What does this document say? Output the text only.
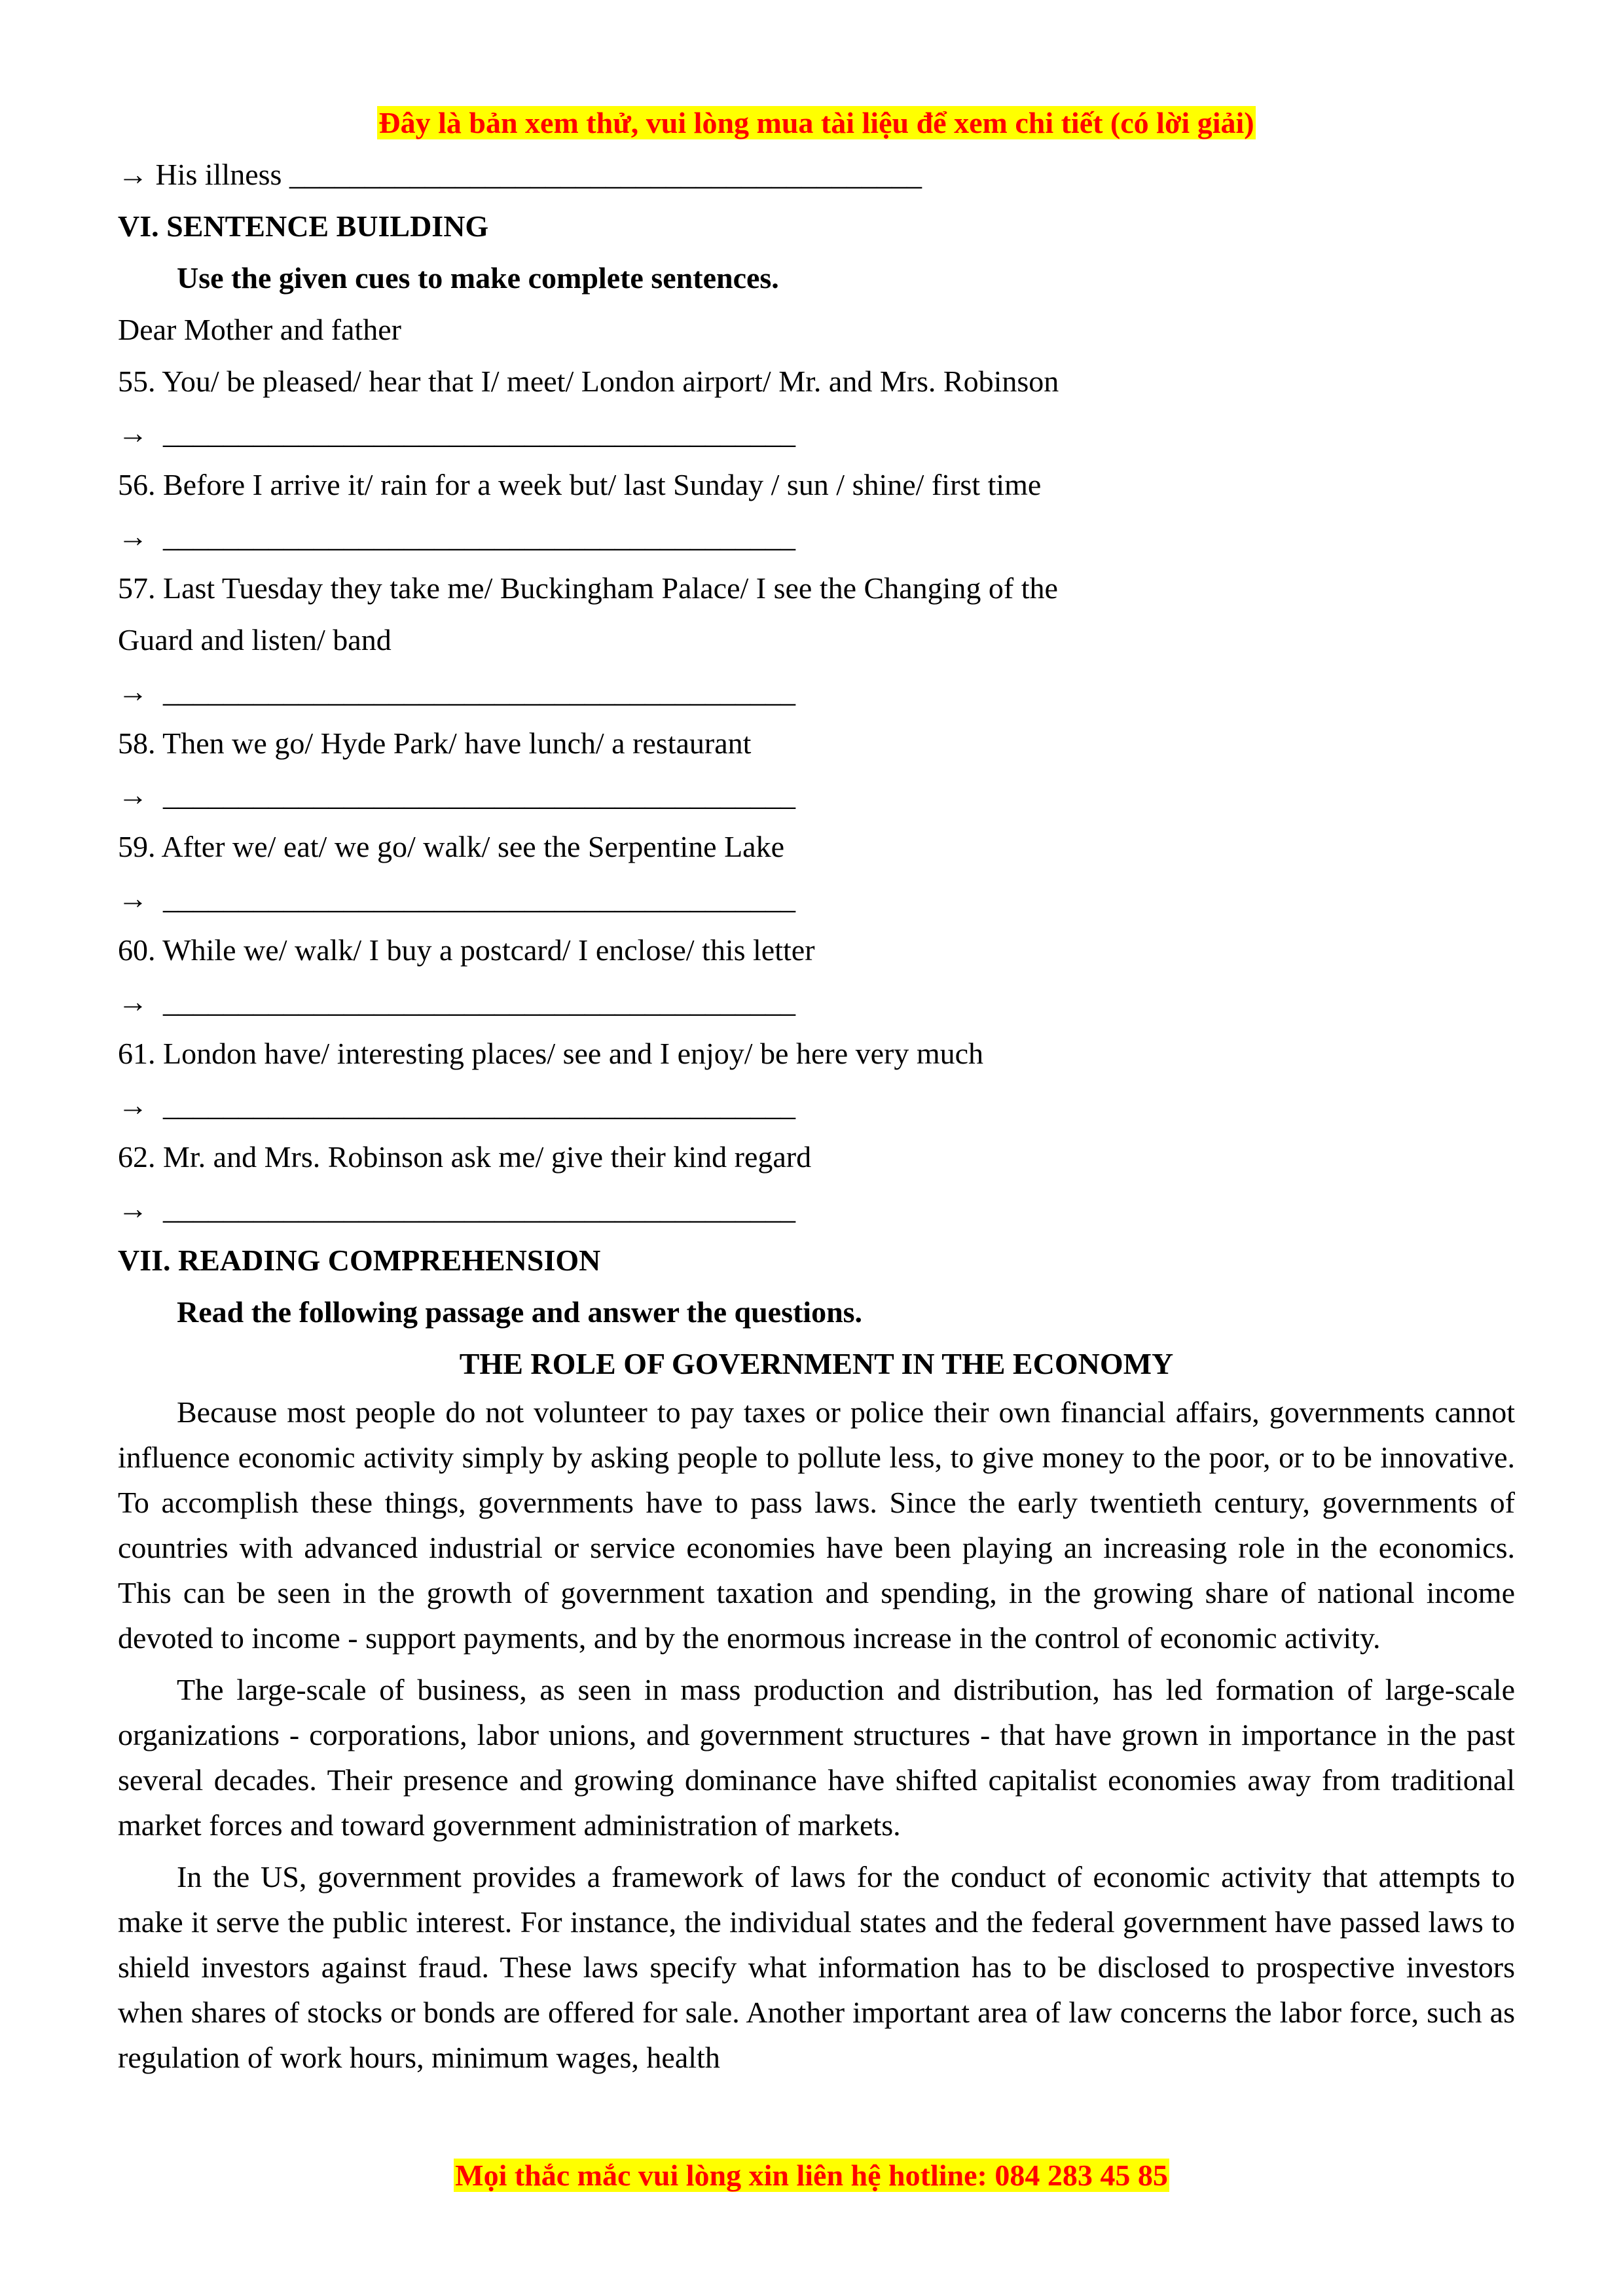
Đây là bản xem thử, vui lòng mua tài liệu để xem chi tiết (có lời giải)
→ His illness __________________________________________
VI. SENTENCE BUILDING
Use the given cues to make complete sentences.
Dear Mother and father
55. You/ be pleased/ hear that I/ meet/ London airport/ Mr. and Mrs. Robinson
→  __________________________________________
56. Before I arrive it/ rain for a week but/ last Sunday / sun / shine/ first time
→  __________________________________________
57. Last Tuesday they take me/ Buckingham Palace/ I see the Changing of the
Guard and listen/ band
→  __________________________________________
58. Then we go/ Hyde Park/ have lunch/ a restaurant
→  __________________________________________
59. After we/ eat/ we go/ walk/ see the Serpentine Lake
→  __________________________________________
60. While we/ walk/ I buy a postcard/ I enclose/ this letter
→  __________________________________________
61. London have/ interesting places/ see and I enjoy/ be here very much
→  __________________________________________
62. Mr. and Mrs. Robinson ask me/ give their kind regard
→  __________________________________________
VII. READING COMPREHENSION
Read the following passage and answer the questions.
THE ROLE OF GOVERNMENT IN THE ECONOMY

Because most people do not volunteer to pay taxes or police their own financial affairs, governments cannot influence economic activity simply by asking people to pollute less, to give money to the poor, or to be innovative. To accomplish these things, governments have to pass laws. Since the early twentieth century, governments of countries with advanced industrial or service economies have been playing an increasing role in the economics. This can be seen in the growth of government taxation and spending, in the growing share of national income devoted to income - support payments, and by the enormous increase in the control of economic activity.

The large-scale of business, as seen in mass production and distribution, has led formation of large-scale organizations - corporations, labor unions, and government structures - that have grown in importance in the past several decades. Their presence and growing dominance have shifted capitalist economies away from traditional market forces and toward government administration of markets.

In the US, government provides a framework of laws for the conduct of economic activity that attempts to make it serve the public interest. For instance, the individual states and the federal government have passed laws to shield investors against fraud. These laws specify what information has to be disclosed to prospective investors when shares of stocks or bonds are offered for sale. Another important area of law concerns the labor force, such as regulation of work hours, minimum wages, health

Mọi thắc mắc vui lòng xin liên hệ hotline: 084 283 45 85
